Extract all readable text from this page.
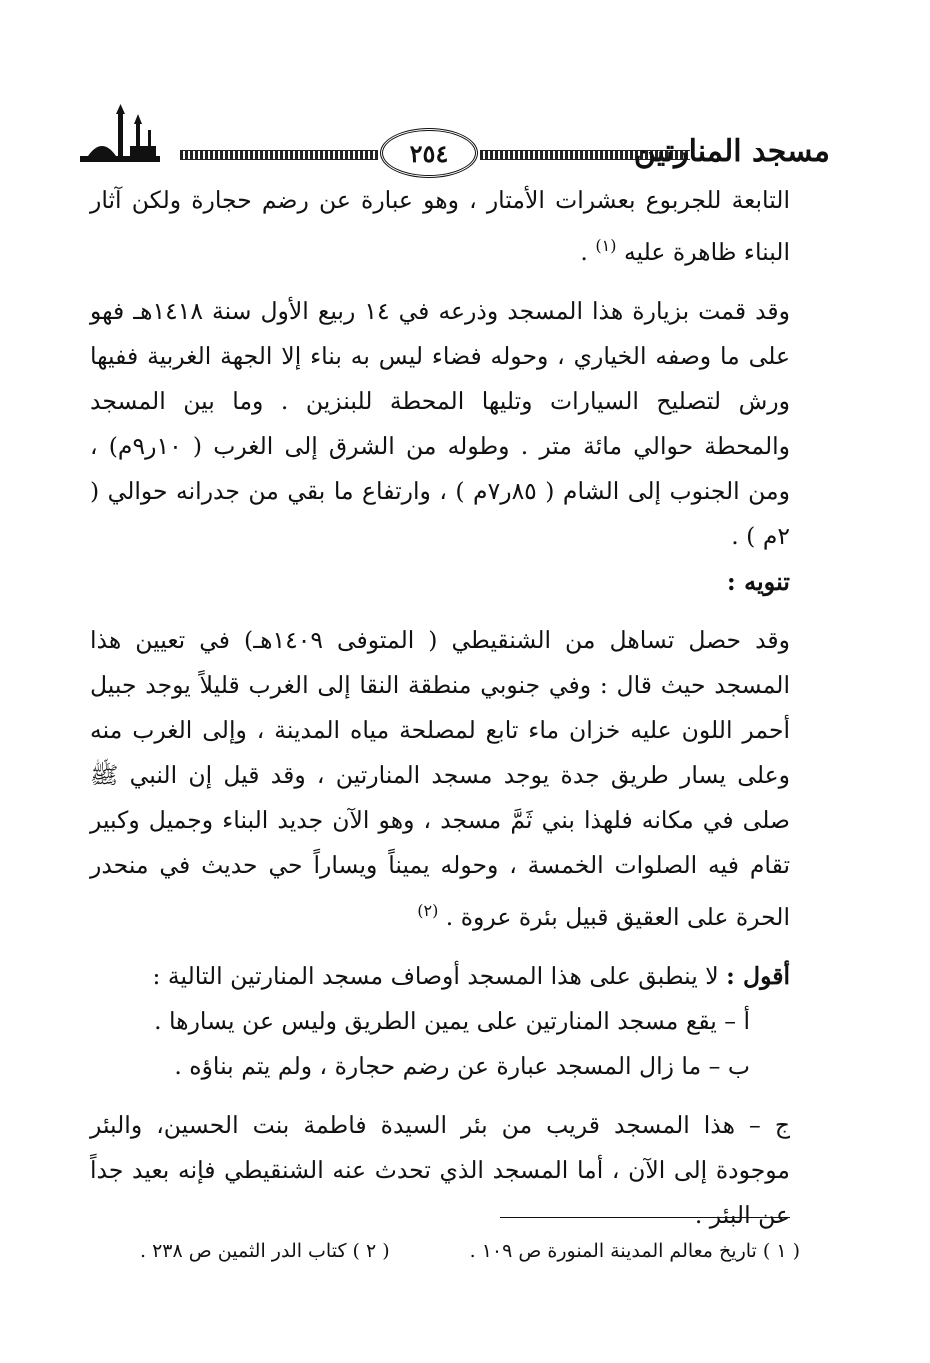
٢٥٤	مسجد المنارتين

التابعة للجربوع بعشرات الأمتار ، وهو عبارة عن رضم حجارة ولكن آثار البناء ظاهرة عليه $^{(١)}$ .

وقد قمت بزيارة هذا المسجد وذرعه في ١٤ ربيع الأول سنة ١٤١٨هـ فهو على ما وصفه الخياري ، وحوله فضاء ليس به بناء إلا الجهة الغربية ففيها ورش لتصليح السيارات وتليها المحطة للبنزين . وما بين المسجد والمحطة حوالي مائة متر . وطوله من الشرق إلى الغرب ( ١٠ر٩م) ، ومن الجنوب إلى الشام ( ٨٥ر٧م ) ، وارتفاع ما بقي من جدرانه حوالي ( ٢م ) .

تنويه :

وقد حصل تساهل من الشنقيطي ( المتوفى ١٤٠٩هـ) في تعيين هذا المسجد حيث قال : وفي جنوبي منطقة النقا إلى الغرب قليلاً يوجد جبيل أحمر اللون عليه خزان ماء تابع لمصلحة مياه المدينة ، وإلى الغرب منه وعلى يسار طريق جدة يوجد مسجد المنارتين ، وقد قيل إن النبي ﷺ صلى في مكانه فلهذا بني ثَمَّ مسجد ، وهو الآن جديد البناء وجميل وكبير تقام فيه الصلوات الخمسة ، وحوله يميناً ويساراً حي حديث في منحدر الحرة على العقيق قبيل بئرة عروة . $^{(٢)}$

أقول : لا ينطبق على هذا المسجد أوصاف مسجد المنارتين التالية :

أ – يقع مسجد المنارتين على يمين الطريق وليس عن يسارها .

ب – ما زال المسجد عبارة عن رضم حجارة ، ولم يتم بناؤه .

ج – هذا المسجد قريب من بئر السيدة فاطمة بنت الحسين، والبئر موجودة إلى الآن ، أما المسجد الذي تحدث عنه الشنقيطي فإنه بعيد جداً عن البئر .

( ١ ) تاريخ معالم المدينة المنورة ص ١٠٩ .
( ٢ ) كتاب الدر الثمين ص ٢٣٨ .
